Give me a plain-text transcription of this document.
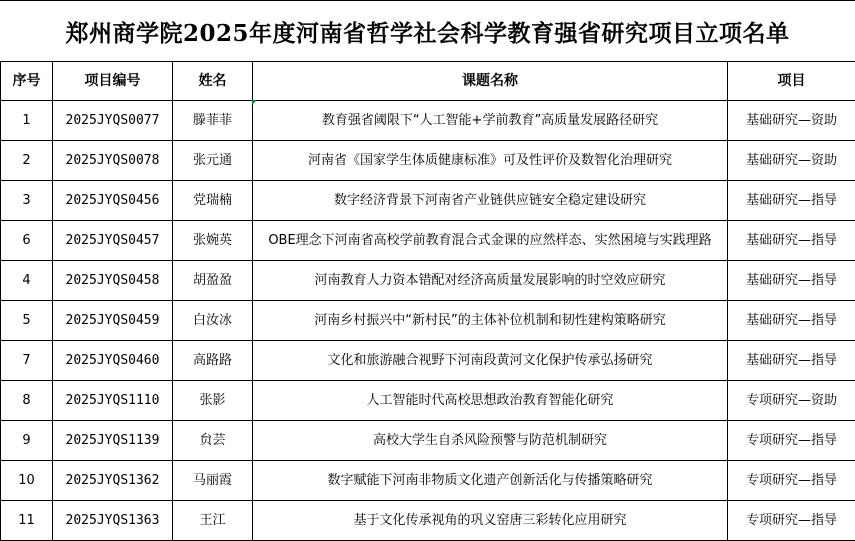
郑州商学院2025年度河南省哲学社会科学教育强省研究项目立项名单
序号	项目编号	姓名	课题名称	项目
1	2025JYQS0077	滕菲菲	教育强省阈限下“人工智能+学前教育”高质量发展路径研究	基础研究—资助
2	2025JYQS0078	张元通	河南省《国家学生体质健康标准》可及性评价及数智化治理研究	基础研究—资助
3	2025JYQS0456	党瑞楠	数字经济背景下河南省产业链供应链安全稳定建设研究	基础研究—指导
6	2025JYQS0457	张婉英	OBE理念下河南省高校学前教育混合式金课的应然样态、实然困境与实践理路	基础研究—指导
4	2025JYQS0458	胡盈盈	河南教育人力资本错配对经济高质量发展影响的时空效应研究	基础研究—指导
5	2025JYQS0459	白汝冰	河南乡村振兴中“新村民”的主体补位机制和韧性建构策略研究	基础研究—指导
7	2025JYQS0460	高路路	文化和旅游融合视野下河南段黄河文化保护传承弘扬研究	基础研究—指导
8	2025JYQS1110	张影	人工智能时代高校思想政治教育智能化研究	专项研究—资助
9	2025JYQS1139	贠芸	高校大学生自杀风险预警与防范机制研究	专项研究—指导
10	2025JYQS1362	马丽霞	数字赋能下河南非物质文化遗产创新活化与传播策略研究	专项研究—指导
11	2025JYQS1363	王江	基于文化传承视角的巩义窑唐三彩转化应用研究	专项研究—指导
